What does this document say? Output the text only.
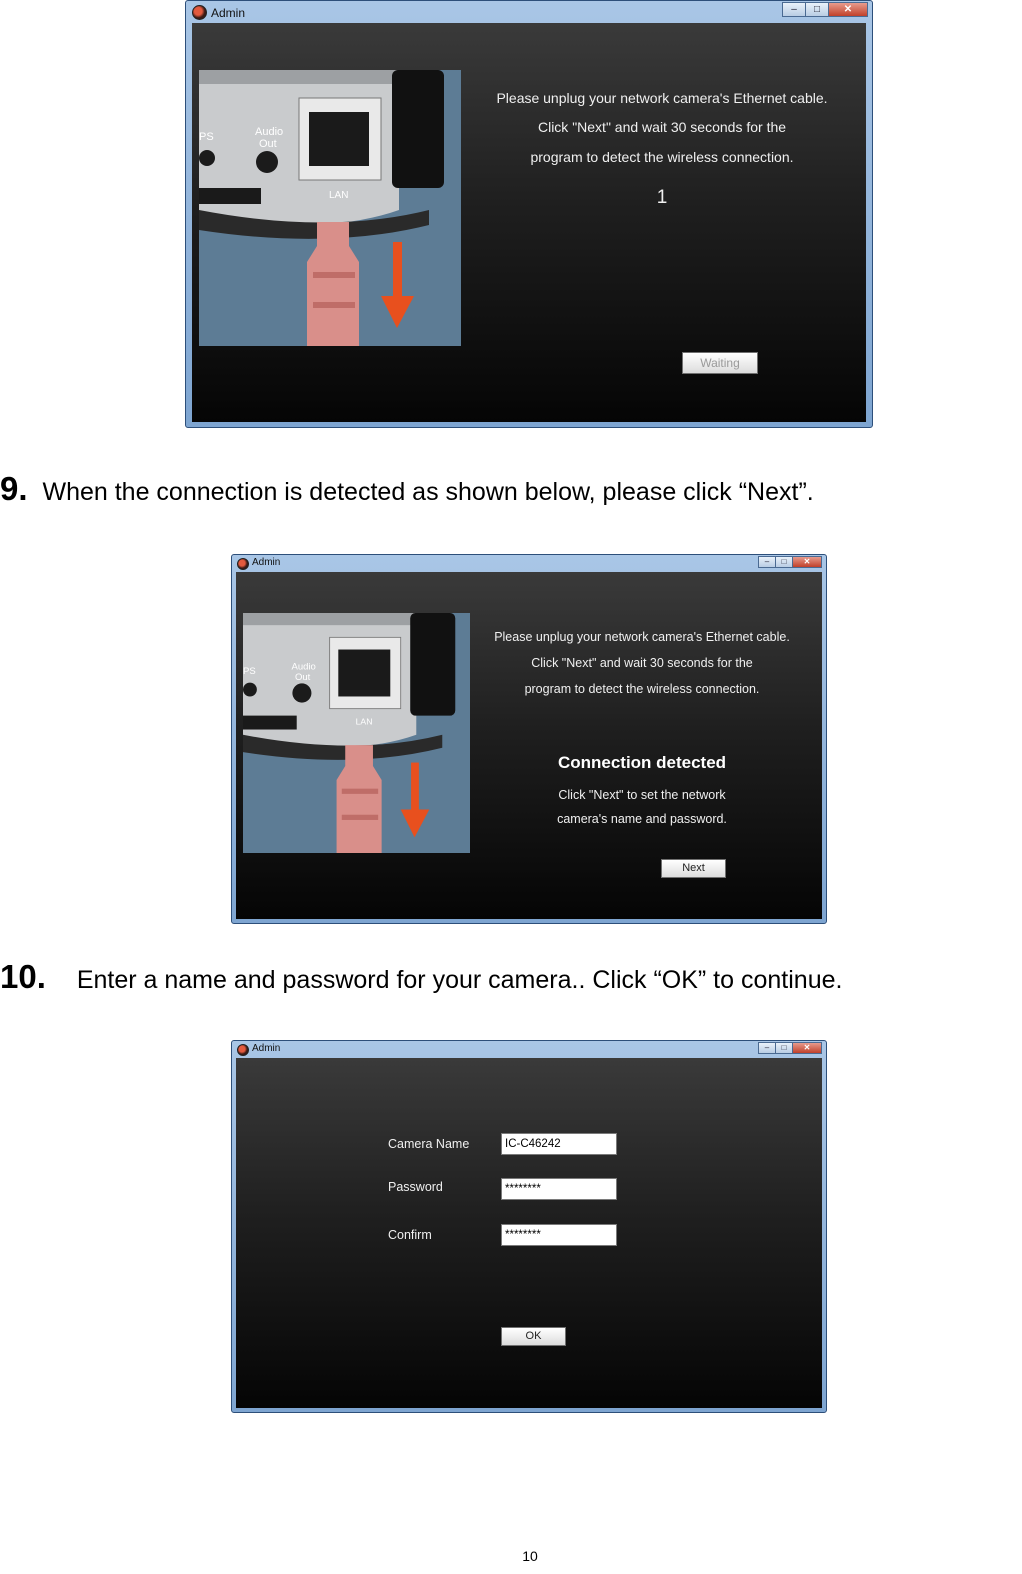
Admin	–	□	✕
Audio
Out
PS
LAN
Please unplug your network camera's Ethernet cable.
Click "Next" and wait 30 seconds for the
program to detect the wireless connection.
1
Waiting
9. When the connection is detected as shown below, please click “Next”.
Admin	–	□	✕
Audio
Out
PS
LAN
Please unplug your network camera's Ethernet cable.
Click "Next" and wait 30 seconds for the
program to detect the wireless connection.
Connection detected
Click "Next" to set the network
camera's name and password.
Next
10. Enter a name and password for your camera.. Click “OK” to continue.
Admin	–	□	✕
Camera Name	IC-C46242
Password	********
Confirm	********
OK
10
